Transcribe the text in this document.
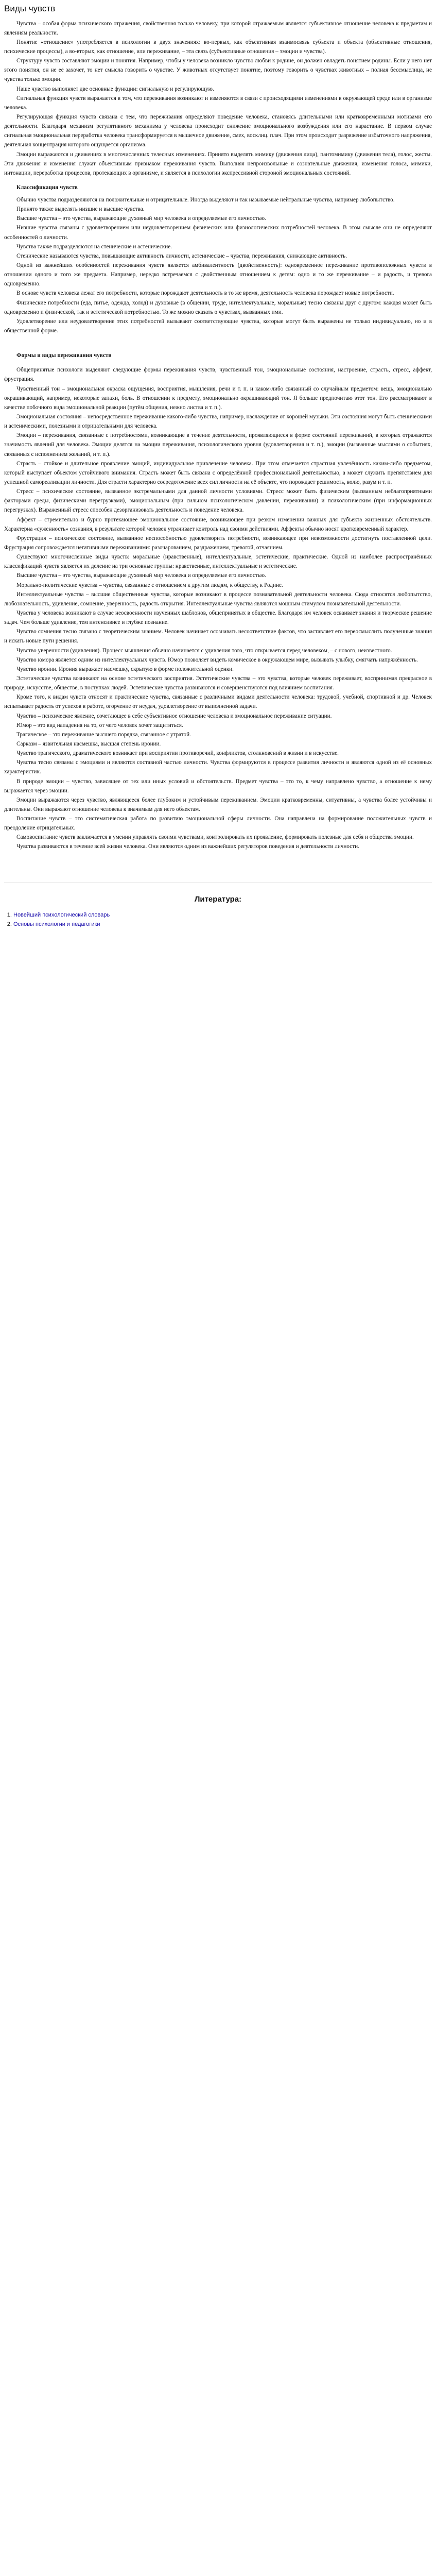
Виды чувств

Чувства – особая форма психического отражения, свойственная только человеку, при которой отражаемым является субъективное отношение человека к предметам и явлениям реальности.

Понятие «отношение» употребляется в психологии в двух значениях: во-первых, как объективная взаимосвязь субъекта и объекта (объективные отношения, психические процессы), а во-вторых, как отношение, или переживание, – эта связь (субъективные отношения – эмоции и чувства).

Структуру чувств составляют эмоции и понятия. Например, чтобы у человека возникло чувство любви к родине, он должен овладеть понятием родины. Если у него нет этого понятия, он не её захочет, то нет смысла говорить о чувстве. У животных отсутствует понятие, поэтому говорить о чувствах животных – полная бессмыслица, не чувства только эмоции.

Наше чувство выполняет две основные функции: сигнальную и регулирующую.

Сигнальная функция чувств выражается в том, что переживания возникают и изменяются в связи с происходящими изменениями в окружающей среде или в организме человека.

Регулирующая функция чувств связана с тем, что переживания определяют поведение человека, становясь длительными или кратковременными мотивами его деятельности. Благодаря механизм регулятивного механизма у человека происходит снижение эмоционального возбуждения или его нарастание. В первом случае сигнальная эмоциональная переработка человека трансформируется в мышечное движение, смех, восклиц. плач. При этом происходит разряжение избыточного напряжения, деятельная концентрация которого ощущается организма.

Эмоции выражаются и движениях в многочисленных телесных изменениях. Принято выделять мимику (движения лица), пантомимику (движения тела), голос, жесты. Эти движения и изменения служат объективным признаком переживания чувств. Выполняя непроизвольные и сознательные движения, изменения голоса, мимики, интонации, переработка процессов, протекающих в организме, и является в психологии экспрессивной стороной эмоциональных состояний.

Классификация чувств

Обычно чувства подразделяются на положительные и отрицательные. Иногда выделяют и так называемые нейтральные чувства, например любопытство.

Принято также выделять низшие и высшие чувства.

Высшие чувства – это чувства, выражающие духовный мир человека и определяемые его личностью.

Низшие чувства связаны с удовлетворением или неудовлетворением физических или физиологических потребностей человека. В этом смысле они не определяют особенностей о личности.

Чувства также подразделяются на стенические и астенические.

Стенические называются чувства, повышающие активность личности, астенические – чувства, переживания, снижающие активность.

Одной из важнейших особенностей переживания чувств является амбивалентность (двойственность): одновременное переживание противоположных чувств в отношении одного и того же предмета. Например, нередко встречаемся с двойственным отношением к детям: одно и то же переживание – и радость, и тревога одновременно.

В основе чувств человека лежат его потребности, которые порождают деятельность в то же время, деятельность человека порождает новые потребности.

Физические потребности (еда, питье, одежда, холод) и духовные (в общении, труде, интеллектуальные, моральные) тесно связаны друг с другом: каждая может быть одновременно и физической, так и эстетической потребностью. То же можно сказать о чувствах, вызванных ими.

Удовлетворение или неудовлетворение этих потребностей вызывают соответствующие чувства, которые могут быть выражены не только индивидуально, но и в общественной форме.

Формы и виды переживания чувств

Общепринятые психологи выделяют следующие формы переживания чувств, чувственный тон, эмоциональные состояния, настроение, страсть, стресс, аффект, фрустрация.

Чувственный тон – эмоциональная окраска ощущения, восприятия, мышления, речи и т. п. и каком-либо связанный со случайным предметом: вещь, эмоционально окрашивающий, например, некоторые запахи, боль. В отношении к предмету, эмоционально окрашивающий тон. Я больше предпочитаю этот тон. Его рассматривают в качестве побочного вида эмоциональной реакции (путём общения, нежно листва и т. п.).

Эмоциональная состояния – непосредственное переживание какого-либо чувства, например, наслаждение от хорошей музыки. Эти состояния могут быть стеническими и астеническими, полезными и отрицательными для человека.

Эмоции – переживания, связанные с потребностями, возникающие в течение деятельности, проявляющиеся в форме состояний переживаний, в которых отражаются значимость явлений для человека. Эмоции делятся на эмоции переживания, психологического уровня (удовлетворения и т. п.), эмоции (вызванные мыслями о событиях, связанных с исполнением желаний, и т. п.).

Страсть – стойкое и длительное проявление эмоций, индивидуальное привлечение человека. При этом отмечается страстная увлечённость каким-либо предметом, который выступает объектом устойчивого внимания. Страсть может быть связана с определённой профессиональной деятельностью, а может служить препятствием для успешной самореализации личности. Для страсти характерно сосредоточение всех сил личности на её объекте, что порождает решимость, волю, разум и т. п.

Стресс – психическое состояние, вызванное экстремальными для данной личности условиями. Стресс может быть физическим (вызванным неблагоприятными факторами среды, физическими перегрузками), эмоциональным (при сильном психологическом давлении, переживании) и психологическим (при информационных перегрузках). Выраженный стресс способен дезорганизовать деятельность и поведение человека.

Аффект – стремительно и бурно протекающее эмоциональное состояние, возникающее при резком изменении важных для субъекта жизненных обстоятельств. Характерна «суженность» сознания, в результате которой человек утрачивает контроль над своими действиями. Аффекты обычно носят кратковременный характер.

Фрустрация – психическое состояние, вызванное неспособностью удовлетворить потребности, возникающее при невозможности достигнуть поставленной цели. Фрустрация сопровождается негативными переживаниями: разочарованием, раздражением, тревогой, отчаянием.

Существуют многочисленные виды чувств: моральные (нравственные), интеллектуальные, эстетические, практические. Одной из наиболее распространённых классификаций чувств является их деление на три основные группы: нравственные, интеллектуальные и эстетические.

Высшие чувства – это чувства, выражающие духовный мир человека и определяемые его личностью.

Морально-политические чувства – чувства, связанные с отношением к другим людям, к обществу, к Родине.

Интеллектуальные чувства – высшие общественные чувства, которые возникают в процессе познавательной деятельности человека. Сюда относятся любопытство, любознательность, удивление, сомнение, уверенность, радость открытия. Интеллектуальные чувства являются мощным стимулом познавательной деятельности.

Чувства у человека возникают в случае неосвоенности изученных шаблонов, общепринятых в обществе. Благодаря им человек осваивает знания и творческое решение задач. Чем больше удивление, тем интенсивнее и глубже познание.

Чувство сомнения тесно связано с теоретическим знанием. Человек начинает осознавать несоответствие фактов, что заставляет его переосмыслить полученные знания и искать новые пути решения.

Чувство уверенности (удивления). Процесс мышления обычно начинается с удивления того, что открывается перед человеком, – с нового, неизвестного.

Чувство юмора является одним из интеллектуальных чувств. Юмор позволяет видеть комическое в окружающем мире, вызывать улыбку, смягчать напряжённость.

Чувство иронии. Ирония выражает насмешку, скрытую в форме положительной оценки.

Эстетические чувства возникают на основе эстетического восприятия. Эстетические чувства – это чувства, которые человек переживает, воспринимая прекрасное в природе, искусстве, обществе, в поступках людей. Эстетические чувства развиваются и совершенствуются под влиянием воспитания.

Кроме того, к видам чувств относят и практические чувства, связанные с различными видами деятельности человека: трудовой, учебной, спортивной и др. Человек испытывает радость от успехов в работе, огорчение от неудач, удовлетворение от выполненной задачи.

Чувство – психическое явление, сочетающее в себе субъективное отношение человека и эмоциональное переживание ситуации.

Юмор – это вид нападения на то, от чего человек хочет защититься.

Трагическое – это переживание высшего порядка, связанное с утратой.

Сарказм – язвительная насмешка, высшая степень иронии.

Чувство трагического, драматического возникает при восприятии противоречий, конфликтов, столкновений в жизни и в искусстве.

Чувства тесно связаны с эмоциями и являются составной частью личности. Чувства формируются в процессе развития личности и являются одной из её основных характеристик.

В природе эмоции – чувство, зависящее от тех или иных условий и обстоятельств. Предмет чувства – это то, к чему направлено чувство, а отношение к нему выражается через эмоции.

Эмоции выражаются через чувство, являющееся более глубоким и устойчивым переживанием. Эмоции кратковременны, ситуативны, а чувства более устойчивы и длительны. Они выражают отношение человека к значимым для него объектам.

Воспитание чувств – это систематическая работа по развитию эмоциональной сферы личности. Она направлена на формирование положительных чувств и преодоление отрицательных.

Самовоспитание чувств заключается в умении управлять своими чувствами, контролировать их проявление, формировать полезные для себя и общества эмоции.

Чувства развиваются в течение всей жизни человека. Они являются одним из важнейших регуляторов поведения и деятельности личности.

Литература:
1. Новейший психологический словарь
2. Основы психологии и педагогики
